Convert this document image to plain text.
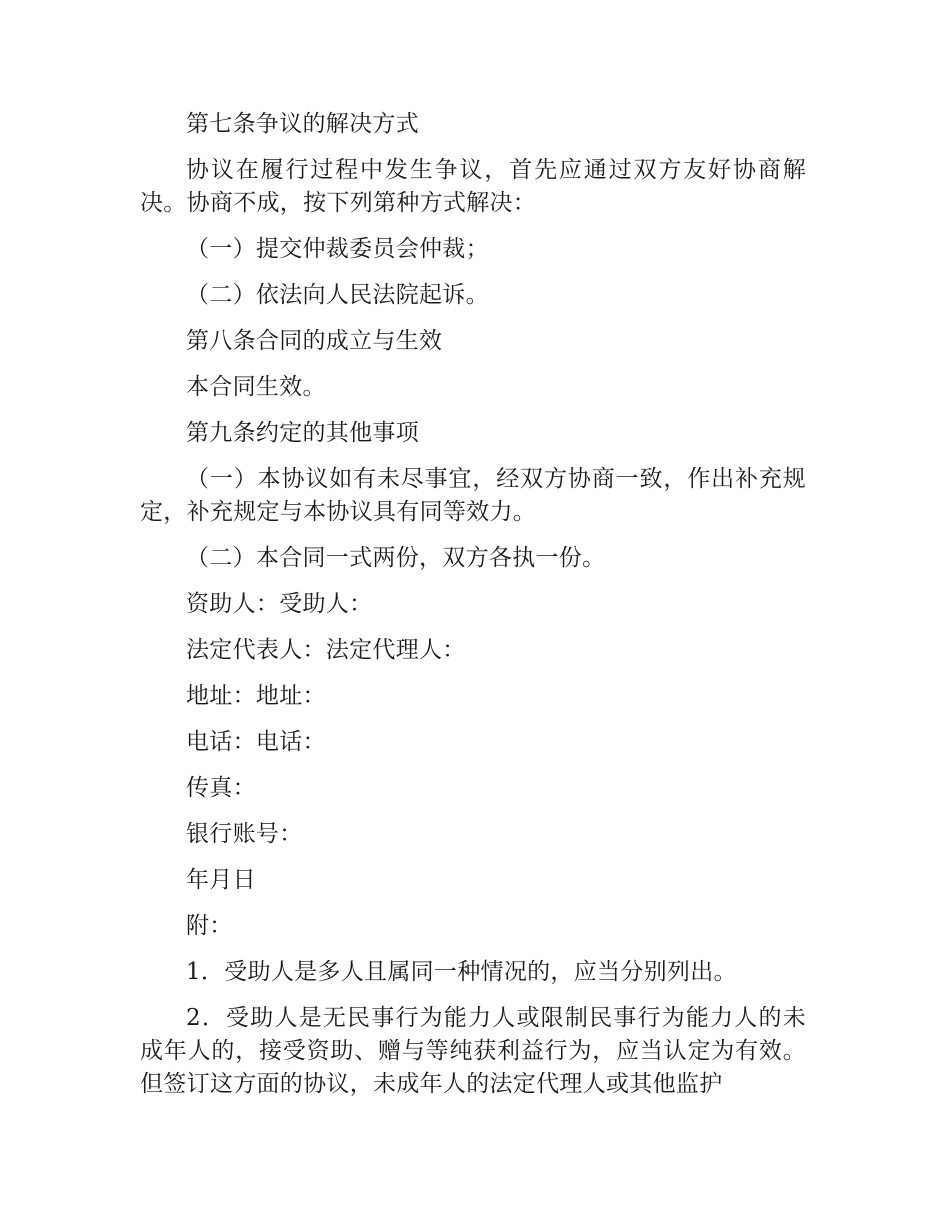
第七条争议的解决方式

协议在履行过程中发生争议，首先应通过双方友好协商解决。协商不成，按下列第种方式解决：

（一）提交仲裁委员会仲裁；

（二）依法向人民法院起诉。

第八条合同的成立与生效

本合同生效。

第九条约定的其他事项

（一）本协议如有未尽事宜，经双方协商一致，作出补充规定，补充规定与本协议具有同等效力。

（二）本合同一式两份，双方各执一份。

资助人：受助人：

法定代表人：法定代理人：

地址：地址：

电话：电话：

传真：

银行账号：

年月日

附：

1．受助人是多人且属同一种情况的，应当分别列出。

2．受助人是无民事行为能力人或限制民事行为能力人的未成年人的，接受资助、赠与等纯获利益行为，应当认定为有效。但签订这方面的协议，未成年人的法定代理人或其他监护
